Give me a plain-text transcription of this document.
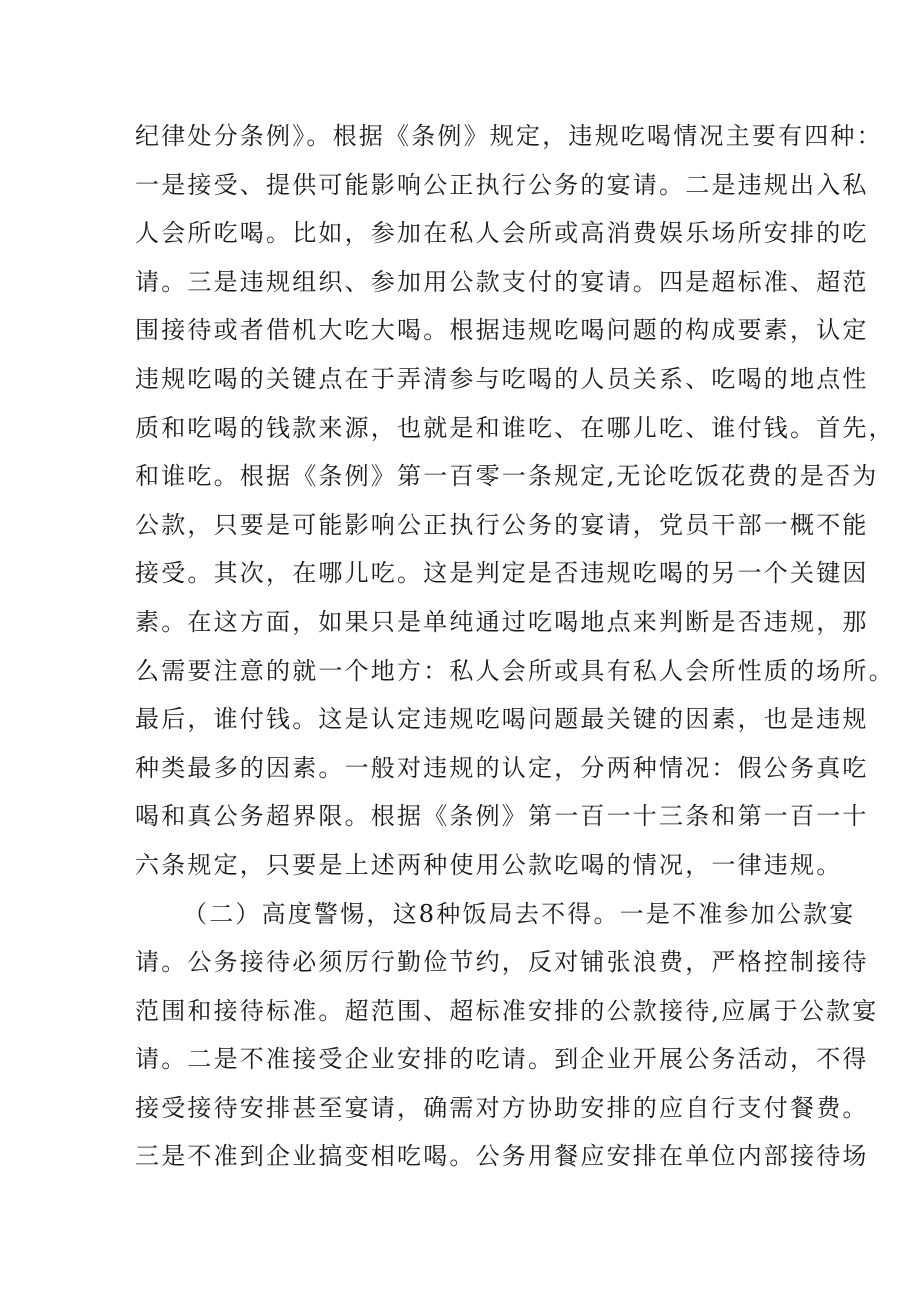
纪律处分条例》。根据《条例》规定，违规吃喝情况主要有四种：
一是接受、提供可能影响公正执行公务的宴请。二是违规出入私
人会所吃喝。比如，参加在私人会所或高消费娱乐场所安排的吃
请。三是违规组织、参加用公款支付的宴请。四是超标准、超范
围接待或者借机大吃大喝。根据违规吃喝问题的构成要素，认定
违规吃喝的关键点在于弄清参与吃喝的人员关系、吃喝的地点性
质和吃喝的钱款来源，也就是和谁吃、在哪儿吃、谁付钱。首先，
和谁吃。根据《条例》第一百零一条规定,无论吃饭花费的是否为
公款，只要是可能影响公正执行公务的宴请，党员干部一概不能
接受。其次，在哪儿吃。这是判定是否违规吃喝的另一个关键因
素。在这方面，如果只是单纯通过吃喝地点来判断是否违规，那
么需要注意的就一个地方：私人会所或具有私人会所性质的场所。
最后，谁付钱。这是认定违规吃喝问题最关键的因素，也是违规
种类最多的因素。一般对违规的认定，分两种情况：假公务真吃
喝和真公务超界限。根据《条例》第一百一十三条和第一百一十
六条规定，只要是上述两种使用公款吃喝的情况，一律违规。
（二）高度警惕，这8种饭局去不得。一是不准参加公款宴
请。公务接待必须厉行勤俭节约，反对铺张浪费，严格控制接待
范围和接待标准。超范围、超标准安排的公款接待,应属于公款宴
请。二是不准接受企业安排的吃请。到企业开展公务活动，不得
接受接待安排甚至宴请，确需对方协助安排的应自行支付餐费。
三是不准到企业搞变相吃喝。公务用餐应安排在单位内部接待场
